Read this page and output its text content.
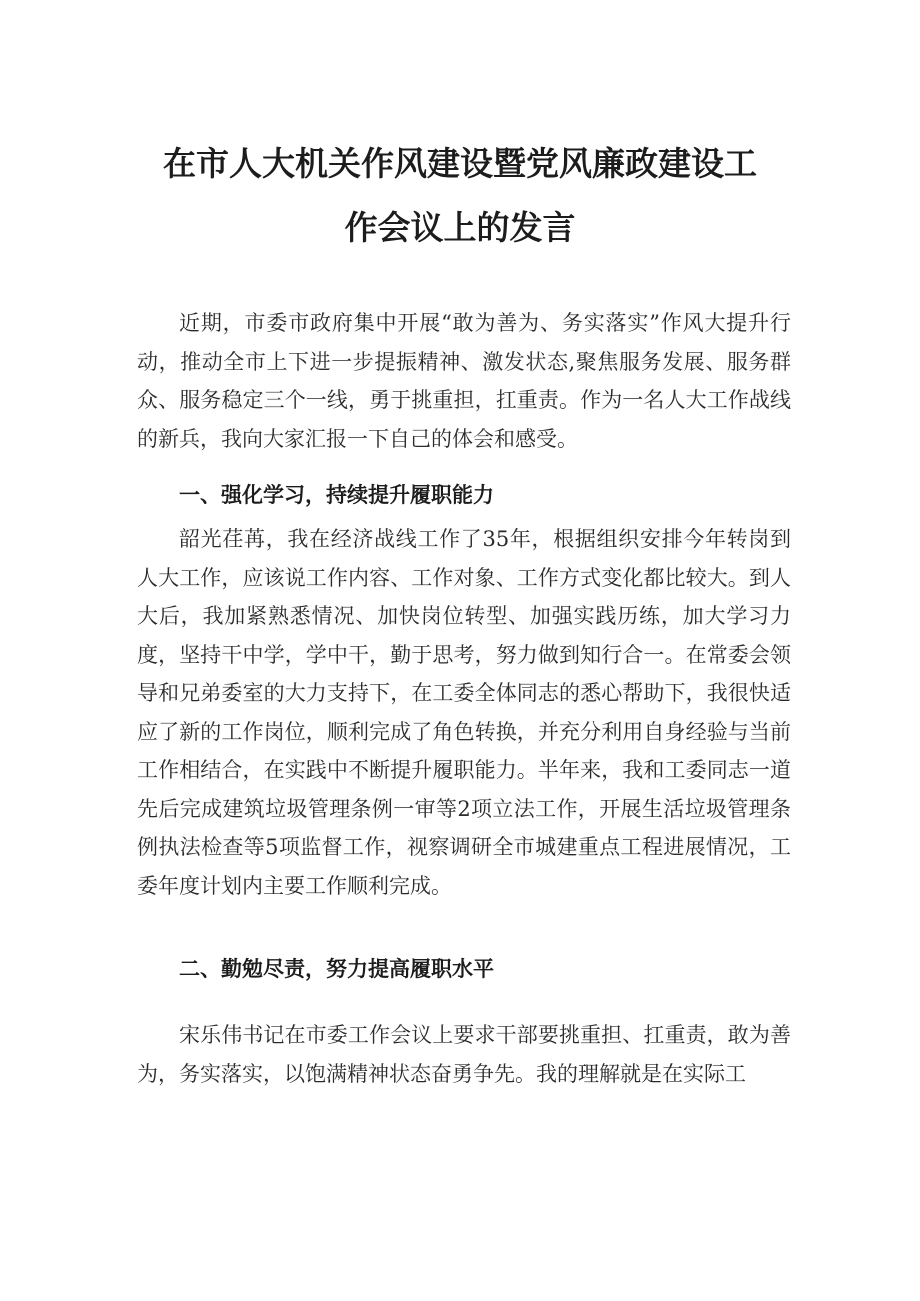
在市人大机关作风建设暨党风廉政建设工
作会议上的发言

近期，市委市政府集中开展“敢为善为、务实落实”作风大提升行动，推动全市上下进一步提振精神、激发状态,聚焦服务发展、服务群众、服务稳定三个一线，勇于挑重担，扛重责。作为一名人大工作战线的新兵，我向大家汇报一下自己的体会和感受。

一、强化学习，持续提升履职能力

韶光荏苒，我在经济战线工作了35年，根据组织安排今年转岗到人大工作，应该说工作内容、工作对象、工作方式变化都比较大。到人大后，我加紧熟悉情况、加快岗位转型、加强实践历练，加大学习力度，坚持干中学，学中干，勤于思考，努力做到知行合一。在常委会领导和兄弟委室的大力支持下，在工委全体同志的悉心帮助下，我很快适应了新的工作岗位，顺利完成了角色转换，并充分利用自身经验与当前工作相结合，在实践中不断提升履职能力。半年来，我和工委同志一道先后完成建筑垃圾管理条例一审等2项立法工作，开展生活垃圾管理条例执法检查等5项监督工作，视察调研全市城建重点工程进展情况，工委年度计划内主要工作顺利完成。

二、勤勉尽责，努力提高履职水平

宋乐伟书记在市委工作会议上要求干部要挑重担、扛重责，敢为善为，务实落实，以饱满精神状态奋勇争先。我的理解就是在实际工
